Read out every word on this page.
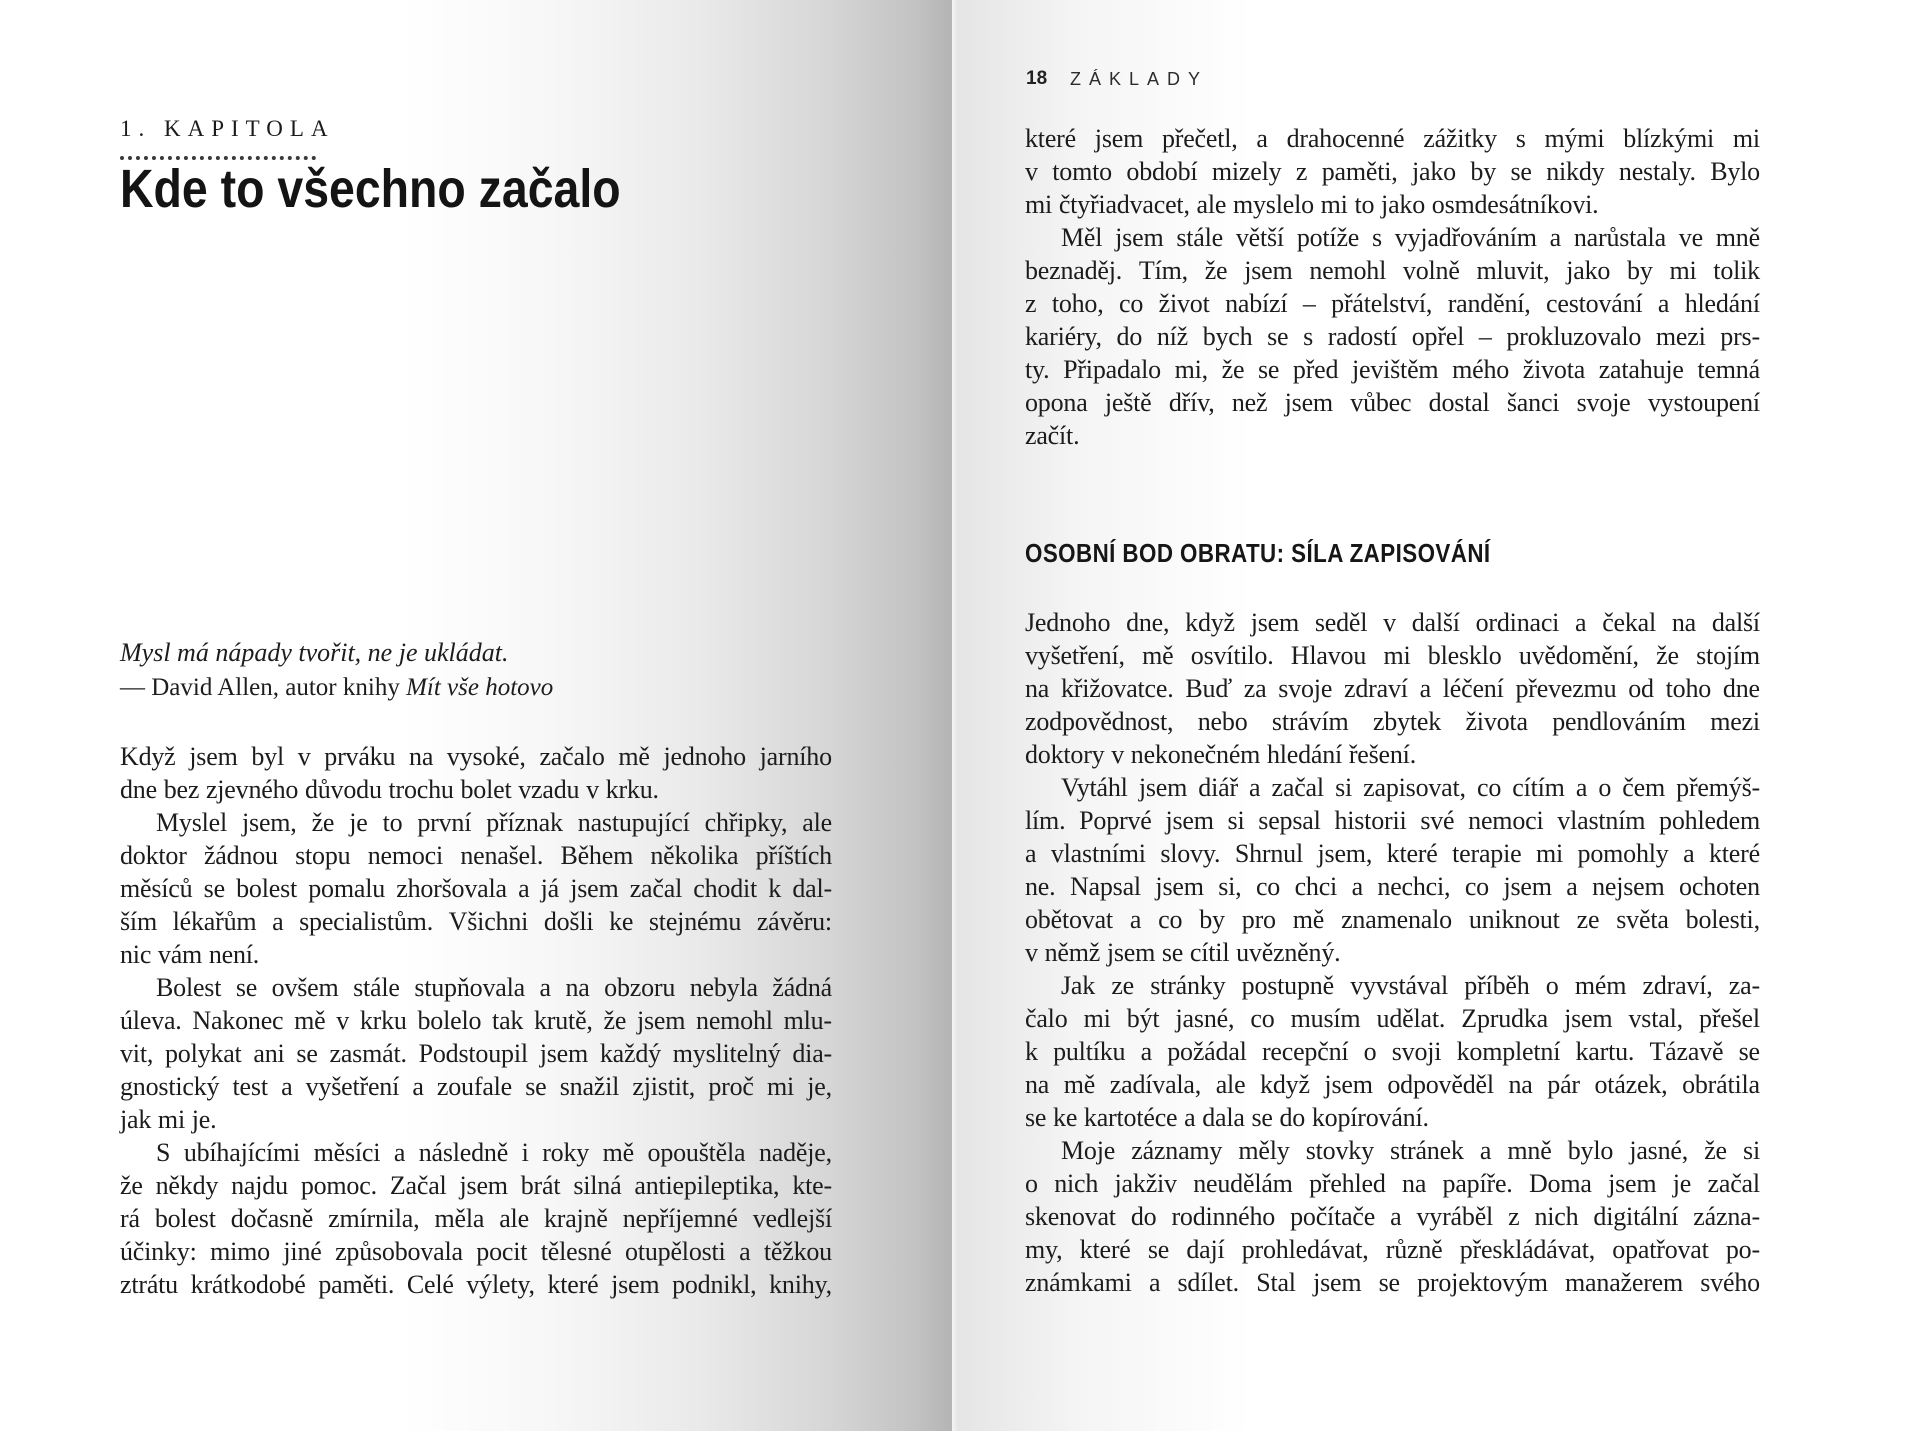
1. KAPITOLA
Kde to všechno začalo
Mysl má nápady tvořit, ne je ukládat.
— David Allen, autor knihy Mít vše hotovo
Když jsem byl v prváku na vysoké, začalo mě jednoho jarního
dne bez zjevného důvodu trochu bolet vzadu v krku.
Myslel jsem, že je to první příznak nastupující chřipky, ale
doktor žádnou stopu nemoci nenašel. Během několika příštích
měsíců se bolest pomalu zhoršovala a já jsem začal chodit k dal-
ším lékařům a specialistům. Všichni došli ke stejnému závěru:
nic vám není.
Bolest se ovšem stále stupňovala a na obzoru nebyla žádná
úleva. Nakonec mě v krku bolelo tak krutě, že jsem nemohl mlu-
vit, polykat ani se zasmát. Podstoupil jsem každý myslitelný dia-
gnostický test a vyšetření a zoufale se snažil zjistit, proč mi je,
jak mi je.
S ubíhajícími měsíci a následně i roky mě opouštěla naděje,
že někdy najdu pomoc. Začal jsem brát silná antiepileptika, kte-
rá bolest dočasně zmírnila, měla ale krajně nepříjemné vedlejší
účinky: mimo jiné způsobovala pocit tělesné otupělosti a těžkou
ztrátu krátkodobé paměti. Celé výlety, které jsem podnikl, knihy,
18 ZÁKLADY
které jsem přečetl, a drahocenné zážitky s mými blízkými mi
v tomto období mizely z paměti, jako by se nikdy nestaly. Bylo
mi čtyřiadvacet, ale myslelo mi to jako osmdesátníkovi.
Měl jsem stále větší potíže s vyjadřováním a narůstala ve mně
beznaděj. Tím, že jsem nemohl volně mluvit, jako by mi tolik
z toho, co život nabízí – přátelství, randění, cestování a hledání
kariéry, do níž bych se s radostí opřel – prokluzovalo mezi prs-
ty. Připadalo mi, že se před jevištěm mého života zatahuje temná
opona ještě dřív, než jsem vůbec dostal šanci svoje vystoupení
začít.
OSOBNÍ BOD OBRATU: SÍLA ZAPISOVÁNÍ
Jednoho dne, když jsem seděl v další ordinaci a čekal na další
vyšetření, mě osvítilo. Hlavou mi blesklo uvědomění, že stojím
na křižovatce. Buď za svoje zdraví a léčení převezmu od toho dne
zodpovědnost, nebo strávím zbytek života pendlováním mezi
doktory v nekonečném hledání řešení.
Vytáhl jsem diář a začal si zapisovat, co cítím a o čem přemýš-
lím. Poprvé jsem si sepsal historii své nemoci vlastním pohledem
a vlastními slovy. Shrnul jsem, které terapie mi pomohly a které
ne. Napsal jsem si, co chci a nechci, co jsem a nejsem ochoten
obětovat a co by pro mě znamenalo uniknout ze světa bolesti,
v němž jsem se cítil uvězněný.
Jak ze stránky postupně vyvstával příběh o mém zdraví, za-
čalo mi být jasné, co musím udělat. Zprudka jsem vstal, přešel
k pultíku a požádal recepční o svoji kompletní kartu. Tázavě se
na mě zadívala, ale když jsem odpověděl na pár otázek, obrátila
se ke kartotéce a dala se do kopírování.
Moje záznamy měly stovky stránek a mně bylo jasné, že si
o nich jakživ neudělám přehled na papíře. Doma jsem je začal
skenovat do rodinného počítače a vyráběl z nich digitální zázna-
my, které se dají prohledávat, různě přeskládávat, opatřovat po-
známkami a sdílet. Stal jsem se projektovým manažerem svého
